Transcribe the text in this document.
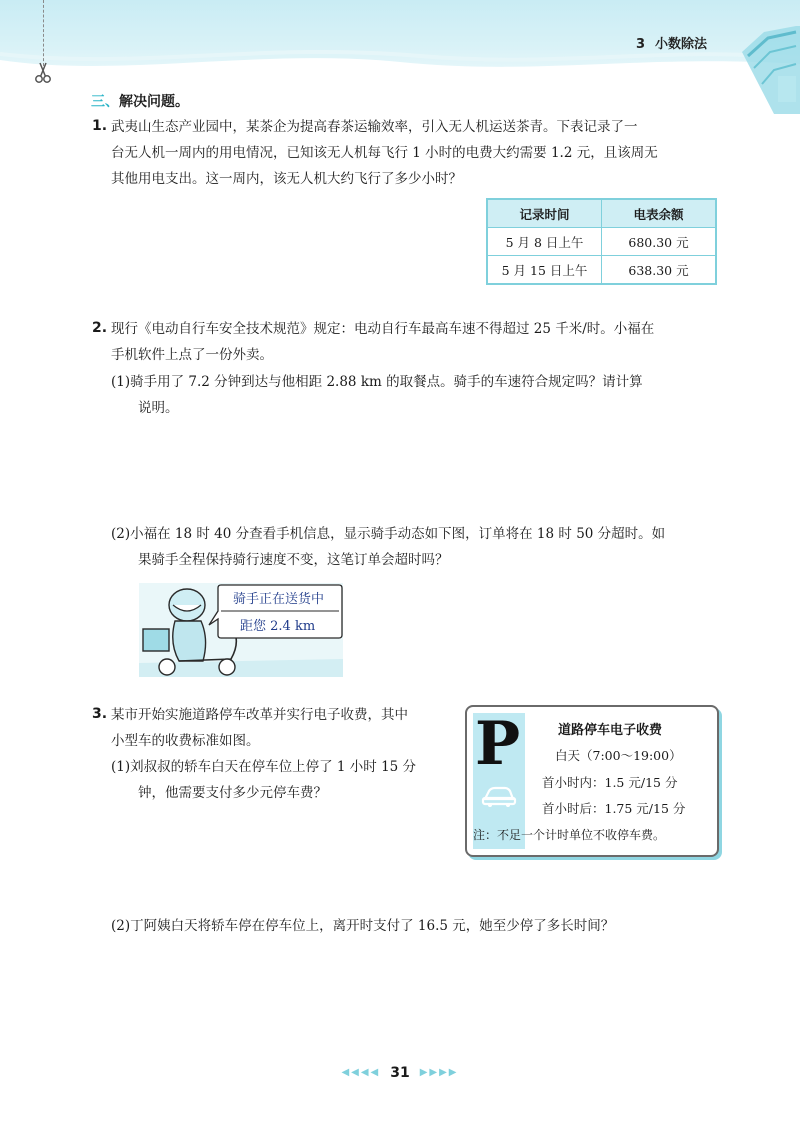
3 小数除法
三、解决问题。
1. 武夷山生态产业园中，某茶企为提高春茶运输效率，引入无人机运送茶青。下表记录了一
台无人机一周内的用电情况，已知该无人机每飞行 1 小时的电费大约需要 1.2 元，且该周无
其他用电支出。这一周内，该无人机大约飞行了多少小时？
记录时间	电表余额
5 月 8 日上午	680.30 元
5 月 15 日上午	638.30 元
2. 现行《电动自行车安全技术规范》规定：电动自行车最高车速不得超过 25 千米/时。小福在
手机软件上点了一份外卖。
(1)骑手用了 7.2 分钟到达与他相距 2.88 km 的取餐点。骑手的车速符合规定吗？请计算
说明。
(2)小福在 18 时 40 分查看手机信息，显示骑手动态如下图，订单将在 18 时 50 分超时。如
果骑手全程保持骑行速度不变，这笔订单会超时吗？
骑手正在送货中
距您 2.4 km
3. 某市开始实施道路停车改革并实行电子收费，其中
小型车的收费标准如图。
(1)刘叔叔的轿车白天在停车位上停了 1 小时 15 分
钟，他需要支付多少元停车费？
(2)丁阿姨白天将轿车停在停车位上，离开时支付了 16.5 元，她至少停了多长时间？
P	道路停车电子收费
白天（7:00～19:00）
首小时内：1.5 元/15 分
首小时后：1.75 元/15 分
注：不足一个计时单位不收停车费。
◀◀◀◀ 31 ▶▶▶▶
